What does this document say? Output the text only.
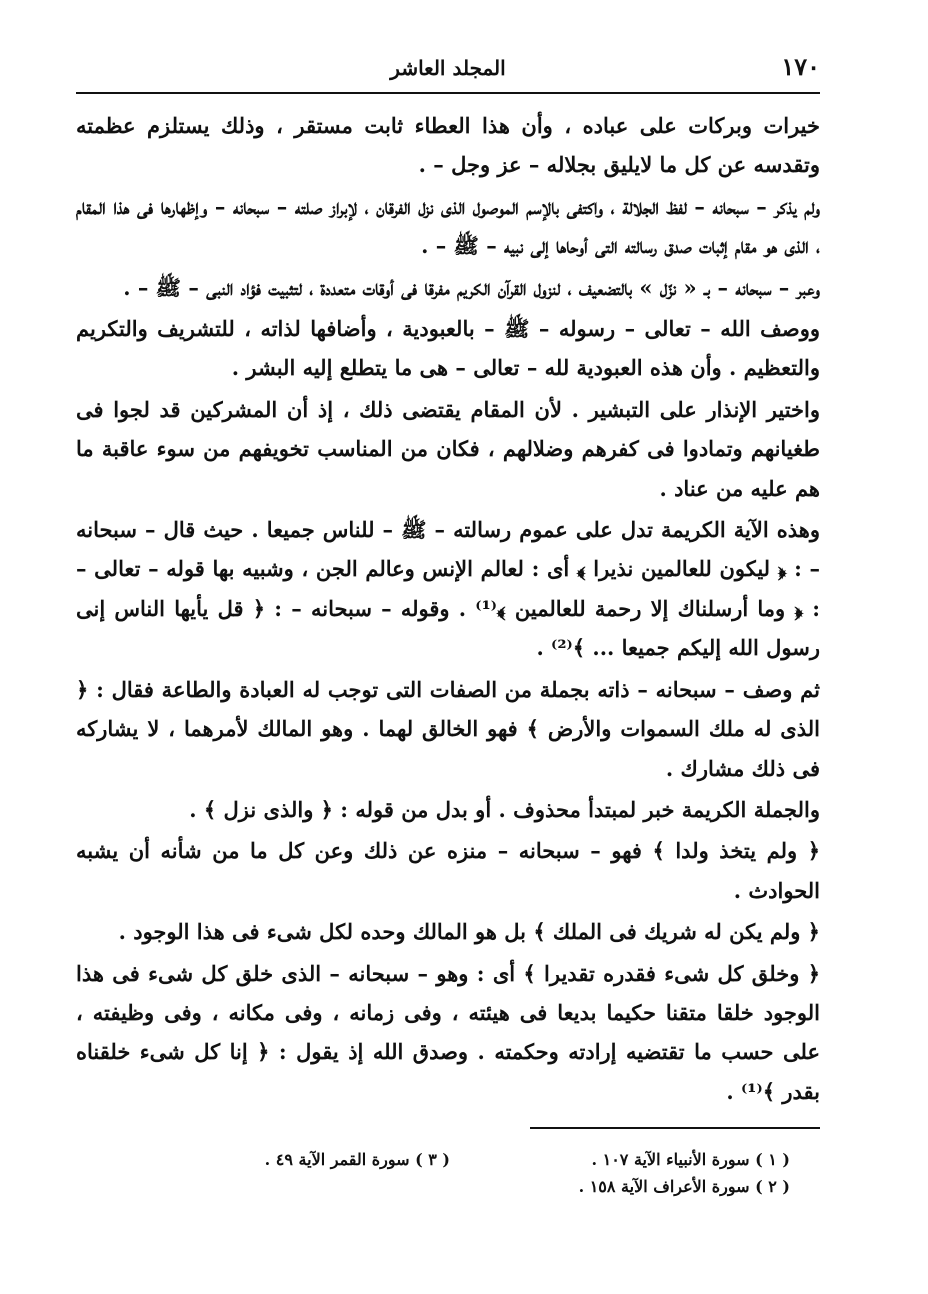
١٧٠
المجلد العاشر

خيرات وبركات على عباده ، وأن هذا العطاء ثابت مستقر ، وذلك يستلزم عظمته وتقدسه عن كل ما لايليق بجلاله – عز وجل – .

ولم يذكر – سبحانه – لفظ الجلالة ، واكتفى بالإسم الموصول الذى نزل الفرقان ، لإبراز صلته – سبحانه – وإظهارها فى هذا المقام ، الذى هو مقام إثبات صدق رسالته التى أوحاها إلى نبيه – ﷺ – .

وعبر – سبحانه – بـ « نزّل » بالتضعيف ، لنزول القرآن الكريم مفرقا فى أوقات متعددة ، لتثبيت فؤاد النبى – ﷺ – .

ووصف الله – تعالى – رسوله – ﷺ – بالعبودية ، وأضافها لذاته ، للتشريف والتكريم والتعظيم . وأن هذه العبودية لله – تعالى – هى ما يتطلع إليه البشر .

واختير الإنذار على التبشير . لأن المقام يقتضى ذلك ، إذ أن المشركين قد لجوا فى طغيانهم وتمادوا فى كفرهم وضلالهم ، فكان من المناسب تخويفهم من سوء عاقبة ما هم عليه من عناد .

وهذه الآية الكريمة تدل على عموم رسالته – ﷺ – للناس جميعا . حيث قال – سبحانه – : ﴿ ليكون للعالمين نذيرا ﴾ أى : لعالم الإنس وعالم الجن ، وشبيه بها قوله – تعالى – : ﴿ وما أرسلناك إلا رحمة للعالمين ﴾⁽¹⁾ . وقوله – سبحانه – : ﴿ قل يأيها الناس إنى رسول الله إليكم جميعا ... ﴾⁽²⁾ .

ثم وصف – سبحانه – ذاته بجملة من الصفات التى توجب له العبادة والطاعة فقال : ﴿ الذى له ملك السموات والأرض ﴾ فهو الخالق لهما . وهو المالك لأمرهما ، لا يشاركه فى ذلك مشارك .

والجملة الكريمة خبر لمبتدأ محذوف . أو بدل من قوله : ﴿ والذى نزل ﴾ .

﴿ ولم يتخذ ولدا ﴾ فهو – سبحانه – منزه عن ذلك وعن كل ما من شأنه أن يشبه الحوادث .

﴿ ولم يكن له شريك فى الملك ﴾ بل هو المالك وحده لكل شىء فى هذا الوجود .

﴿ وخلق كل شىء فقدره تقديرا ﴾ أى : وهو – سبحانه – الذى خلق كل شىء فى هذا الوجود خلقا متقنا حكيما بديعا فى هيئته ، وفى زمانه ، وفى مكانه ، وفى وظيفته ، على حسب ما تقتضيه إرادته وحكمته . وصدق الله إذ يقول : ﴿ إنا كل شىء خلقناه بقدر ﴾⁽¹⁾ .

( ١ ) سورة الأنبياء الآية ١٠٧ .
( ٢ ) سورة الأعراف الآية ١٥٨ .
( ٣ ) سورة القمر الآية ٤٩ .
